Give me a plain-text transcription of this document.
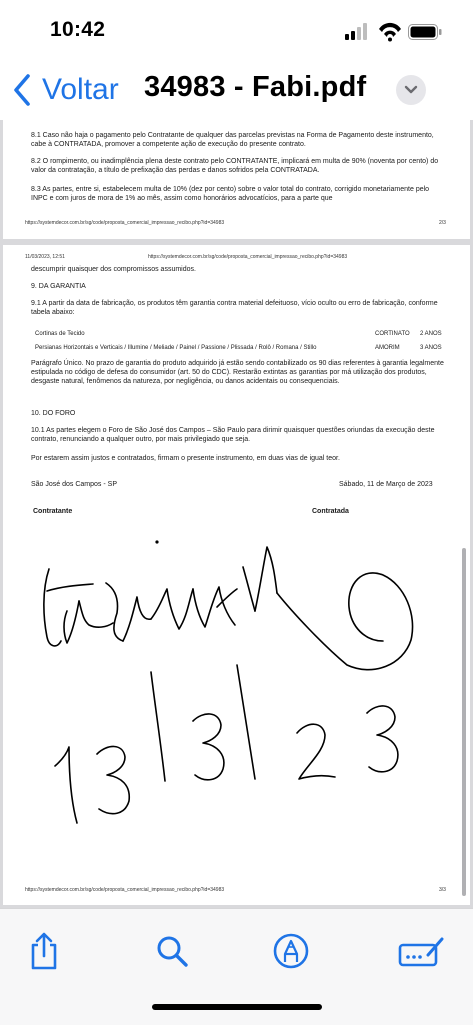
10:42
Voltar 34983 - Fabi.pdf
8.1 Caso não haja o pagamento pelo Contratante de qualquer das parcelas previstas na Forma de Pagamento deste instrumento, cabe à CONTRATADA, promover a competente ação de execução do presente contrato.
8.2 O rompimento, ou inadimplência plena deste contrato pelo CONTRATANTE, implicará em multa de 90% (noventa por cento) do valor da contratação, a título de prefixação das perdas e danos sofridos pela CONTRATADA.
8.3 As partes, entre si, estabelecem multa de 10% (dez por cento) sobre o valor total do contrato, corrigido monetariamente pelo INPC e com juros de mora de 1% ao mês, assim como honorários advocatícios, para a parte que
https://systemdecor.com.br/sg/code/proposta_comercial_impressao_recibo.php?id=34983	2/3
11/03/2023, 12:51	https://systemdecor.com.br/sg/code/proposta_comercial_impressao_recibo.php?id=34983
descumprir quaisquer dos compromissos assumidos.
9. DA GARANTIA
9.1 A partir da data de fabricação, os produtos têm garantia contra material defeituoso, vício oculto ou erro de fabricação, conforme tabela abaixo:
Cortinas de Tecido	CORTINATO 2 ANOS
Persianas Horizontais e Verticais / Illumine / Meliade / Painel / Passione / Plissada / Rolô / Romana / Stillo	AMORIM	3 ANOS
Parágrafo Único. No prazo de garantia do produto adquirido já estão sendo contabilizado os 90 dias referentes à garantia legalmente estipulada no código de defesa do consumidor (art. 50 do CDC). Restarão extintas as garantias por má utilização dos produtos, desgaste natural, fenômenos da natureza, por negligência, ou danos acidentais ou consequenciais.
10. DO FORO
10.1 As partes elegem o Foro de São José dos Campos – São Paulo para dirimir quaisquer questões oriundas da execução deste contrato, renunciando a qualquer outro, por mais privilegiado que seja.
Por estarem assim justos e contratados, firmam o presente instrumento, em duas vias de igual teor.
São José dos Campos - SP	Sábado, 11 de Março de 2023
Contratante	Contratada
https://systemdecor.com.br/sg/code/proposta_comercial_impressao_recibo.php?id=34983	3/3
